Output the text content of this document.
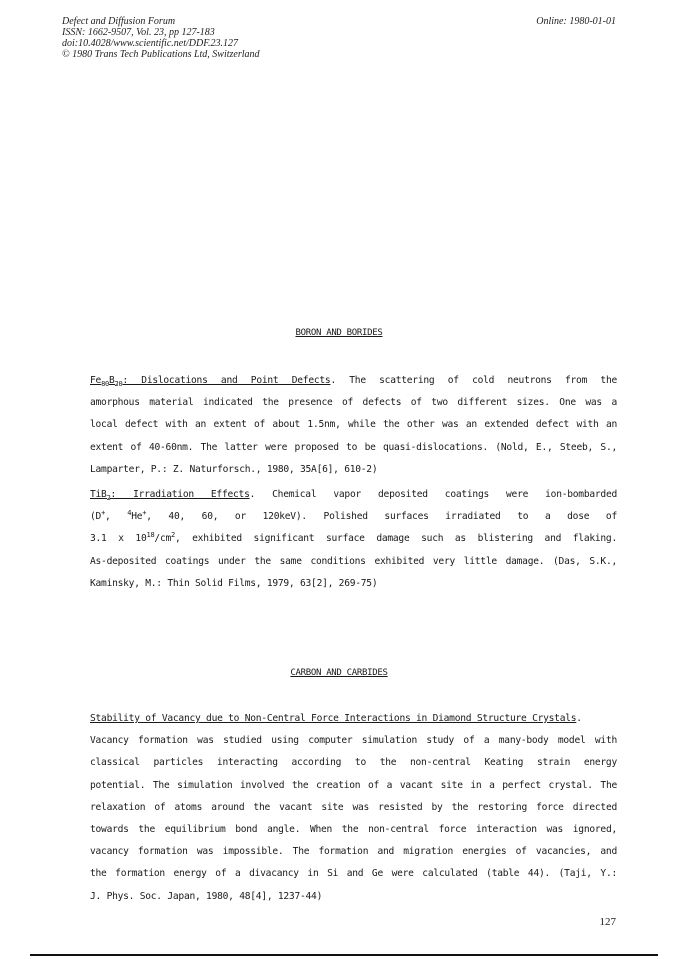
Defect and Diffusion Forum
ISSN: 1662-9507, Vol. 23, pp 127-183
doi:10.4028/www.scientific.net/DDF.23.127
© 1980 Trans Tech Publications Ltd, Switzerland
Online: 1980-01-01
BORON AND BORIDES
$Fe_{80}B_{20}$: Dislocations and Point Defects. The scattering of cold neutrons from the
amorphous material indicated the presence of defects of two different sizes. One was a
local defect with an extent of about 1.5nm, while the other was an extended defect with an
extent of 40-60nm. The latter were proposed to be quasi-dislocations. (Nold, E., Steeb, S.,
Lamparter, P.: Z. Naturforsch., 1980, 35A[6], 610-2)
TiB$_2$: Irradiation Effects. Chemical vapor deposited coatings were ion-bombarded
(D+, $^4$He+, 40, 60, or 120keV). Polished surfaces irradiated to a dose of
3.1 x $10^{18}/cm^2$, exhibited significant surface damage such as blistering and flaking.
As-deposited coatings under the same conditions exhibited very little damage. (Das, S.K.,
Kaminsky, M.: Thin Solid Films, 1979, 63[2], 269-75)
CARBON AND CARBIDES
Stability of Vacancy due to Non-Central Force Interactions in Diamond Structure Crystals.
Vacancy formation was studied using computer simulation study of a many-body model with
classical particles interacting according to the non-central Keating strain energy
potential. The simulation involved the creation of a vacant site in a perfect crystal. The
relaxation of atoms around the vacant site was resisted by the restoring force directed
towards the equilibrium bond angle. When the non-central force interaction was ignored,
vacancy formation was impossible. The formation and migration energies of vacancies, and
the formation energy of a divacancy in Si and Ge were calculated (table 44). (Taji, Y.:
J. Phys. Soc. Japan, 1980, 48[4], 1237-44)
127
